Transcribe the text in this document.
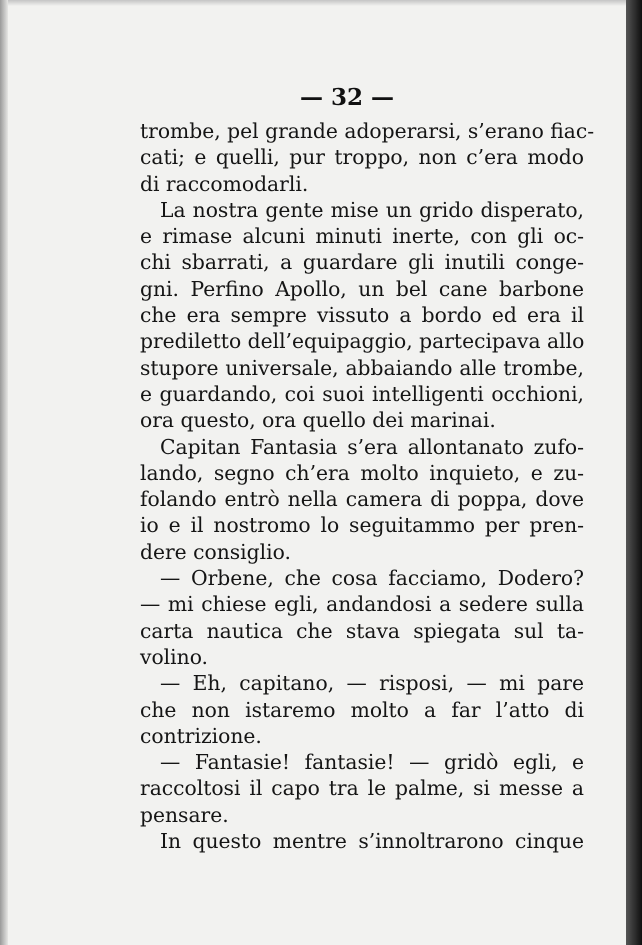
— 32 —
trombe, pel grande adoperarsi, s’erano fiac-
cati; e quelli, pur troppo, non c’era modo
di raccomodarli.
La nostra gente mise un grido disperato,
e rimase alcuni minuti inerte, con gli oc-
chi sbarrati, a guardare gli inutili conge-
gni. Perfino Apollo, un bel cane barbone
che era sempre vissuto a bordo ed era il
prediletto dell’equipaggio, partecipava allo
stupore universale, abbaiando alle trombe,
e guardando, coi suoi intelligenti occhioni,
ora questo, ora quello dei marinai.
Capitan Fantasia s’era allontanato zufo-
lando, segno ch’era molto inquieto, e zu-
folando entrò nella camera di poppa, dove
io e il nostromo lo seguitammo per pren-
dere consiglio.
— Orbene, che cosa facciamo, Dodero?
— mi chiese egli, andandosi a sedere sulla
carta nautica che stava spiegata sul ta-
volino.
— Eh, capitano, — risposi, — mi pare
che non istaremo molto a far l’atto di
contrizione.
— Fantasie! fantasie! — gridò egli, e
raccoltosi il capo tra le palme, si messe a
pensare.
In questo mentre s’innoltrarono cinque
